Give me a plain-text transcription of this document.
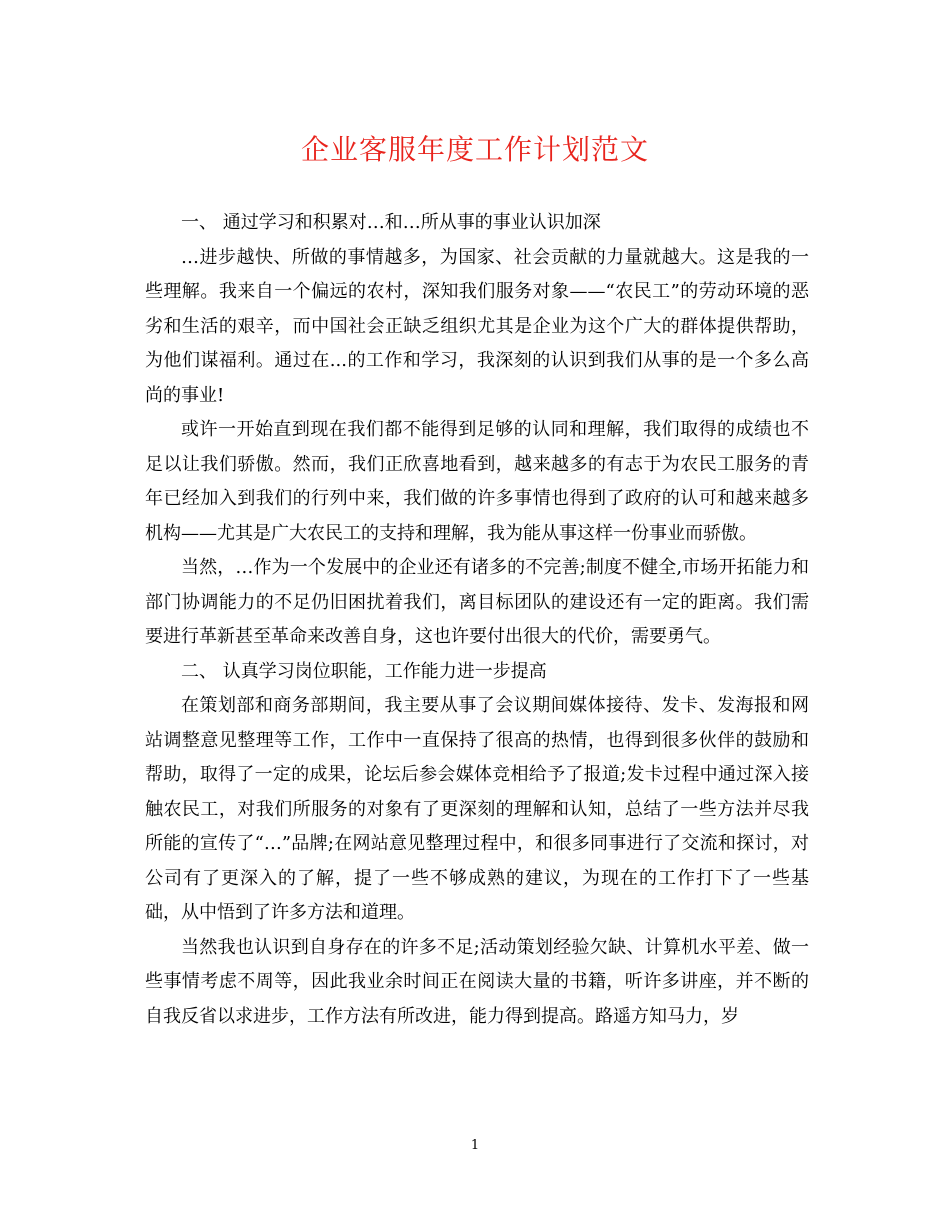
企业客服年度工作计划范文

一、 通过学习和积累对…和…所从事的事业认识加深

…进步越快、所做的事情越多，为国家、社会贡献的力量就越大。这是我的一些理解。我来自一个偏远的农村，深知我们服务对象——“农民工”的劳动环境的恶劣和生活的艰辛，而中国社会正缺乏组织尤其是企业为这个广大的群体提供帮助，为他们谋福利。通过在...的工作和学习，我深刻的认识到我们从事的是一个多么高尚的事业!

或许一开始直到现在我们都不能得到足够的认同和理解，我们取得的成绩也不足以让我们骄傲。然而，我们正欣喜地看到，越来越多的有志于为农民工服务的青年已经加入到我们的行列中来，我们做的许多事情也得到了政府的认可和越来越多机构——尤其是广大农民工的支持和理解，我为能从事这样一份事业而骄傲。

当然，…作为一个发展中的企业还有诸多的不完善;制度不健全,市场开拓能力和部门协调能力的不足仍旧困扰着我们，离目标团队的建设还有一定的距离。我们需要进行革新甚至革命来改善自身，这也许要付出很大的代价，需要勇气。

二、 认真学习岗位职能，工作能力进一步提高

在策划部和商务部期间，我主要从事了会议期间媒体接待、发卡、发海报和网站调整意见整理等工作，工作中一直保持了很高的热情，也得到很多伙伴的鼓励和帮助，取得了一定的成果，论坛后参会媒体竞相给予了报道;发卡过程中通过深入接触农民工，对我们所服务的对象有了更深刻的理解和认知，总结了一些方法并尽我所能的宣传了“…”品牌;在网站意见整理过程中，和很多同事进行了交流和探讨，对公司有了更深入的了解，提了一些不够成熟的建议，为现在的工作打下了一些基础，从中悟到了许多方法和道理。

当然我也认识到自身存在的许多不足;活动策划经验欠缺、计算机水平差、做一些事情考虑不周等，因此我业余时间正在阅读大量的书籍，听许多讲座，并不断的自我反省以求进步，工作方法有所改进，能力得到提高。路遥方知马力，岁

1
